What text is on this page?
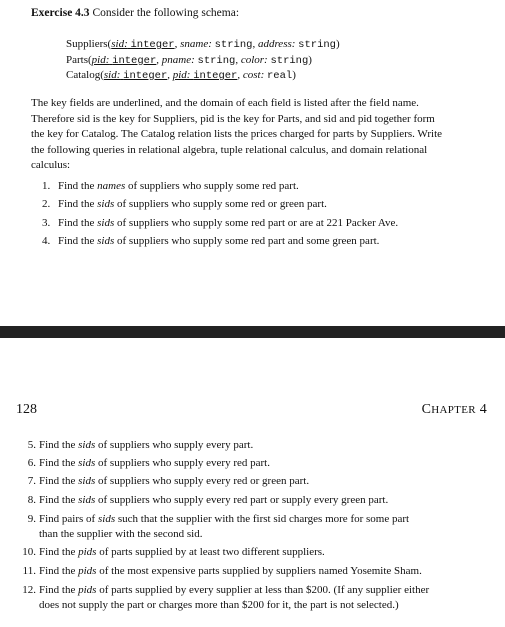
Exercise 4.3 Consider the following schema:
Suppliers(sid: integer, sname: string, address: string)
Parts(pid: integer, pname: string, color: string)
Catalog(sid: integer, pid: integer, cost: real)
The key fields are underlined, and the domain of each field is listed after the field name.
Therefore sid is the key for Suppliers, pid is the key for Parts, and sid and pid together form
the key for Catalog. The Catalog relation lists the prices charged for parts by Suppliers. Write
the following queries in relational algebra, tuple relational calculus, and domain relational
calculus:
1. Find the names of suppliers who supply some red part.
2. Find the sids of suppliers who supply some red or green part.
3. Find the sids of suppliers who supply some red part or are at 221 Packer Ave.
4. Find the sids of suppliers who supply some red part and some green part.
128	CHAPTER 4
5. Find the sids of suppliers who supply every part.
6. Find the sids of suppliers who supply every red part.
7. Find the sids of suppliers who supply every red or green part.
8. Find the sids of suppliers who supply every red part or supply every green part.
9. Find pairs of sids such that the supplier with the first sid charges more for some part
than the supplier with the second sid.
10. Find the pids of parts supplied by at least two different suppliers.
11. Find the pids of the most expensive parts supplied by suppliers named Yosemite Sham.
12. Find the pids of parts supplied by every supplier at less than $200. (If any supplier either
does not supply the part or charges more than $200 for it, the part is not selected.)
